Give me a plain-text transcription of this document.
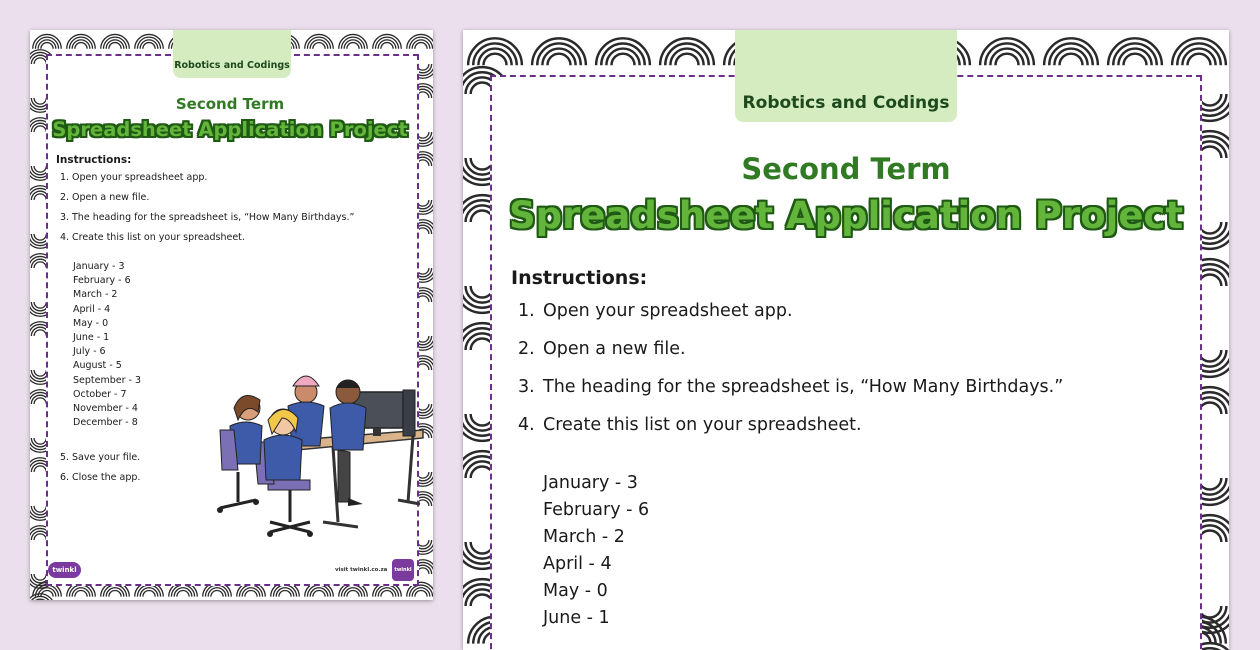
Robotics and Codings
Second Term
Spreadsheet Application Project
Instructions:
1. Open your spreadsheet app.
2. Open a new file.
3. The heading for the spreadsheet is, “How Many Birthdays.”
4. Create this list on your spreadsheet.
January - 3
February - 6
March - 2
April - 4
May - 0
June - 1
July - 6
August - 5
September - 3
October - 7
November - 4
December - 8
5. Save your file.
6. Close the app.
twinkl	visit twinkl.co.za	twinkl
Robotics and Codings
Second Term
Spreadsheet Application Project
Instructions:
1. Open your spreadsheet app.
2. Open a new file.
3. The heading for the spreadsheet is, “How Many Birthdays.”
4. Create this list on your spreadsheet.
January - 3
February - 6
March - 2
April - 4
May - 0
June - 1
